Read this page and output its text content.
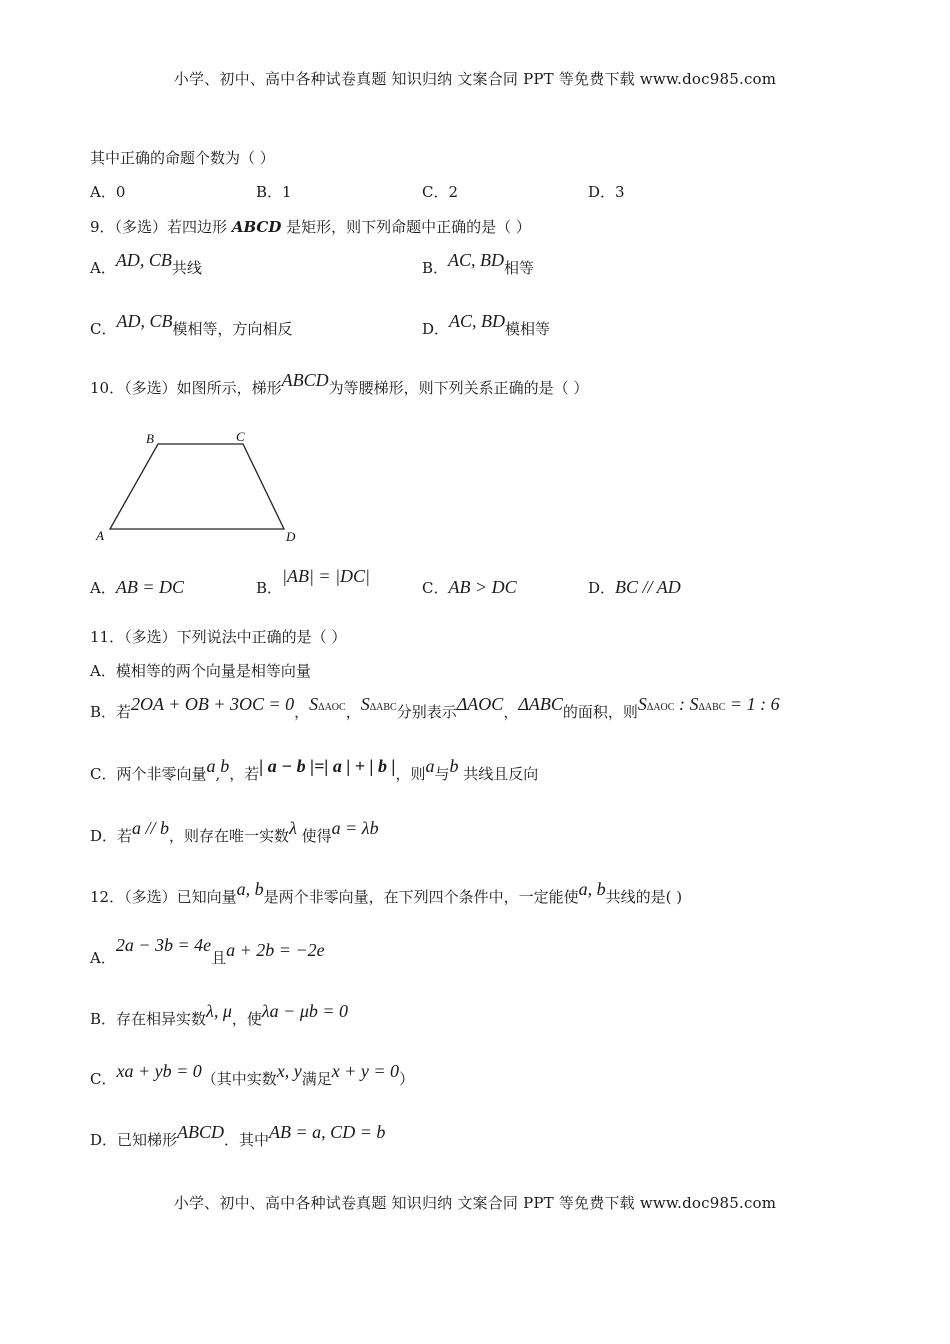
小学、初中、高中各种试卷真题 知识归纳 文案合同 PPT 等免费下载 www.doc985.com
其中正确的命题个数为（ ）
A．0	B．1	C．2	D．3
9．（多选）若四边形 ABCD 是矩形，则下列命题中正确的是（ ）
A．AD, CB共线	B．AC, BD相等
C．AD, CB模相等，方向相反	D．AC, BD模相等
10．（多选）如图所示，梯形ABCD为等腰梯形，则下列关系正确的是（ ）
B	C
A	D
A．AB = DC	B．|AB| = |DC|
C．AB > DC	D．BC // AD
11．（多选）下列说法中正确的是（ ）
A．模相等的两个向量是相等向量
B．若2OA + OB + 3OC = 0，SΔAOC，SΔABC分别表示ΔAOC，ΔABC的面积，则SΔAOC : SΔABC = 1 : 6
C．两个非零向量a,b，若| a − b |=| a | + | b |，则a与b 共线且反向
D．若a // b，则存在唯一实数λ 使得a = λb
12．（多选）已知向量a, b是两个非零向量，在下列四个条件中，一定能使a, b共线的是( )
A．2a − 3b = 4e且a + 2b = −2e
B．存在相异实数λ, μ，使λa − μb = 0
C．xa + yb = 0（其中实数x, y满足x + y = 0）
D．已知梯形ABCD．其中AB = a, CD = b
小学、初中、高中各种试卷真题 知识归纳 文案合同 PPT 等免费下载 www.doc985.com
